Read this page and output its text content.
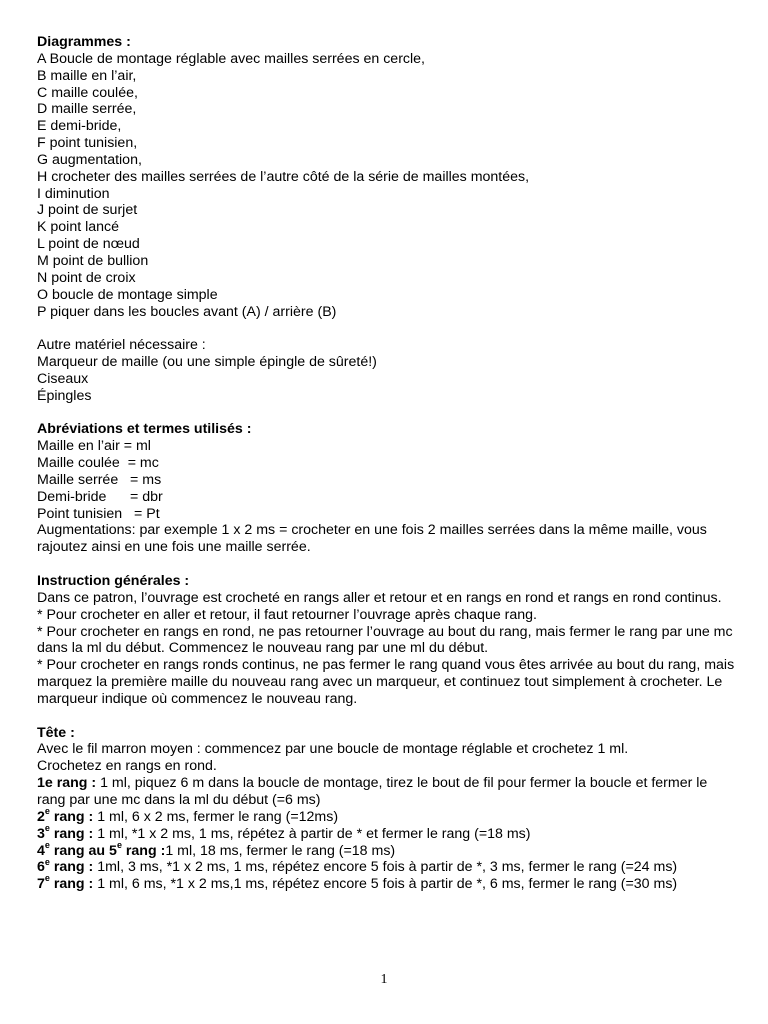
Diagrammes :
A Boucle de montage réglable avec mailles serrées en cercle,
B maille en l’air,
C maille coulée,
D maille serrée,
E demi-bride,
F point tunisien,
G augmentation,
H crocheter des mailles serrées de l’autre côté de la série de mailles montées,
I diminution
J point de surjet
K point lancé
L point de nœud
M point de bullion
N point de croix
O boucle de montage simple
P piquer dans les boucles avant (A) / arrière (B)
Autre matériel nécessaire :
Marqueur de maille (ou une simple épingle de sûreté!)
Ciseaux
Épingles
Abréviations et termes utilisés :
Maille en l’air = ml
Maille coulée  = mc
Maille serrée   = ms
Demi-bride      = dbr
Point tunisien   = Pt
Augmentations: par exemple 1 x 2 ms = crocheter en une fois 2 mailles serrées dans la même maille, vous rajoutez ainsi en une fois une maille serrée.
Instruction générales :
Dans ce patron, l’ouvrage est crocheté en rangs aller et retour et en rangs en rond et rangs en rond continus.
* Pour crocheter en aller et retour, il faut retourner l’ouvrage après chaque rang.
* Pour crocheter en rangs en rond, ne pas retourner l’ouvrage au bout du rang, mais fermer le rang par une mc dans la ml du début. Commencez le nouveau rang par une ml du début.
* Pour crocheter en rangs ronds continus, ne pas fermer le rang quand vous êtes arrivée au bout du rang, mais marquez la première maille du nouveau rang avec un marqueur, et continuez tout simplement à crocheter. Le marqueur indique où commencez le nouveau rang.
Tête :
Avec le fil marron moyen : commencez par une boucle de montage réglable et crochetez 1 ml.
Crochetez en rangs en rond.
1e rang : 1 ml, piquez 6 m dans la boucle de montage, tirez le bout de fil pour fermer la boucle et fermer le rang par une mc dans la ml du début (=6 ms)
2e rang : 1 ml, 6 x 2 ms, fermer le rang (=12ms)
3e rang : 1 ml, *1 x 2 ms, 1 ms, répétez à partir de * et fermer le rang (=18 ms)
4e rang au 5e rang :1 ml, 18 ms, fermer le rang (=18 ms)
6e rang : 1ml, 3 ms, *1 x 2 ms, 1 ms, répétez encore 5 fois à partir de *, 3 ms, fermer le rang (=24 ms)
7e rang : 1 ml, 6 ms, *1 x 2 ms,1 ms, répétez encore 5 fois à partir de *, 6 ms, fermer le rang (=30 ms)
1
